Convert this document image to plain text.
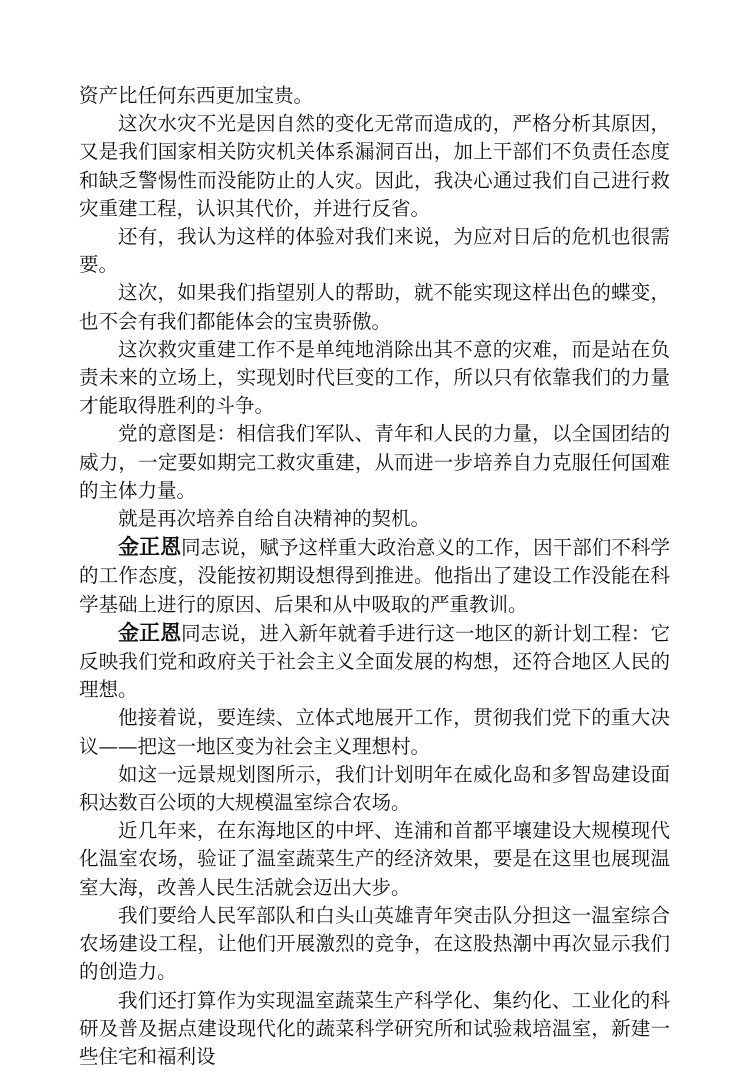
资产比任何东西更加宝贵。

这次水灾不光是因自然的变化无常而造成的，严格分析其原因，又是我们国家相关防灾机关体系漏洞百出，加上干部们不负责任态度和缺乏警惕性而没能防止的人灾。因此，我决心通过我们自己进行救灾重建工程，认识其代价，并进行反省。

还有，我认为这样的体验对我们来说，为应对日后的危机也很需要。

这次，如果我们指望别人的帮助，就不能实现这样出色的蝶变，也不会有我们都能体会的宝贵骄傲。

这次救灾重建工作不是单纯地消除出其不意的灾难，而是站在负责未来的立场上，实现划时代巨变的工作，所以只有依靠我们的力量才能取得胜利的斗争。

党的意图是：相信我们军队、青年和人民的力量，以全国团结的威力，一定要如期完工救灾重建，从而进一步培养自力克服任何国难的主体力量。

就是再次培养自给自决精神的契机。

金正恩同志说，赋予这样重大政治意义的工作，因干部们不科学的工作态度，没能按初期设想得到推进。他指出了建设工作没能在科学基础上进行的原因、后果和从中吸取的严重教训。

金正恩同志说，进入新年就着手进行这一地区的新计划工程：它反映我们党和政府关于社会主义全面发展的构想，还符合地区人民的理想。

他接着说，要连续、立体式地展开工作，贯彻我们党下的重大决议——把这一地区变为社会主义理想村。

如这一远景规划图所示，我们计划明年在威化岛和多智岛建设面积达数百公顷的大规模温室综合农场。

近几年来，在东海地区的中坪、连浦和首都平壤建设大规模现代化温室农场，验证了温室蔬菜生产的经济效果，要是在这里也展现温室大海，改善人民生活就会迈出大步。

我们要给人民军部队和白头山英雄青年突击队分担这一温室综合农场建设工程，让他们开展激烈的竞争，在这股热潮中再次显示我们的创造力。

我们还打算作为实现温室蔬菜生产科学化、集约化、工业化的科研及普及据点建设现代化的蔬菜科学研究所和试验栽培温室，新建一些住宅和福利设
